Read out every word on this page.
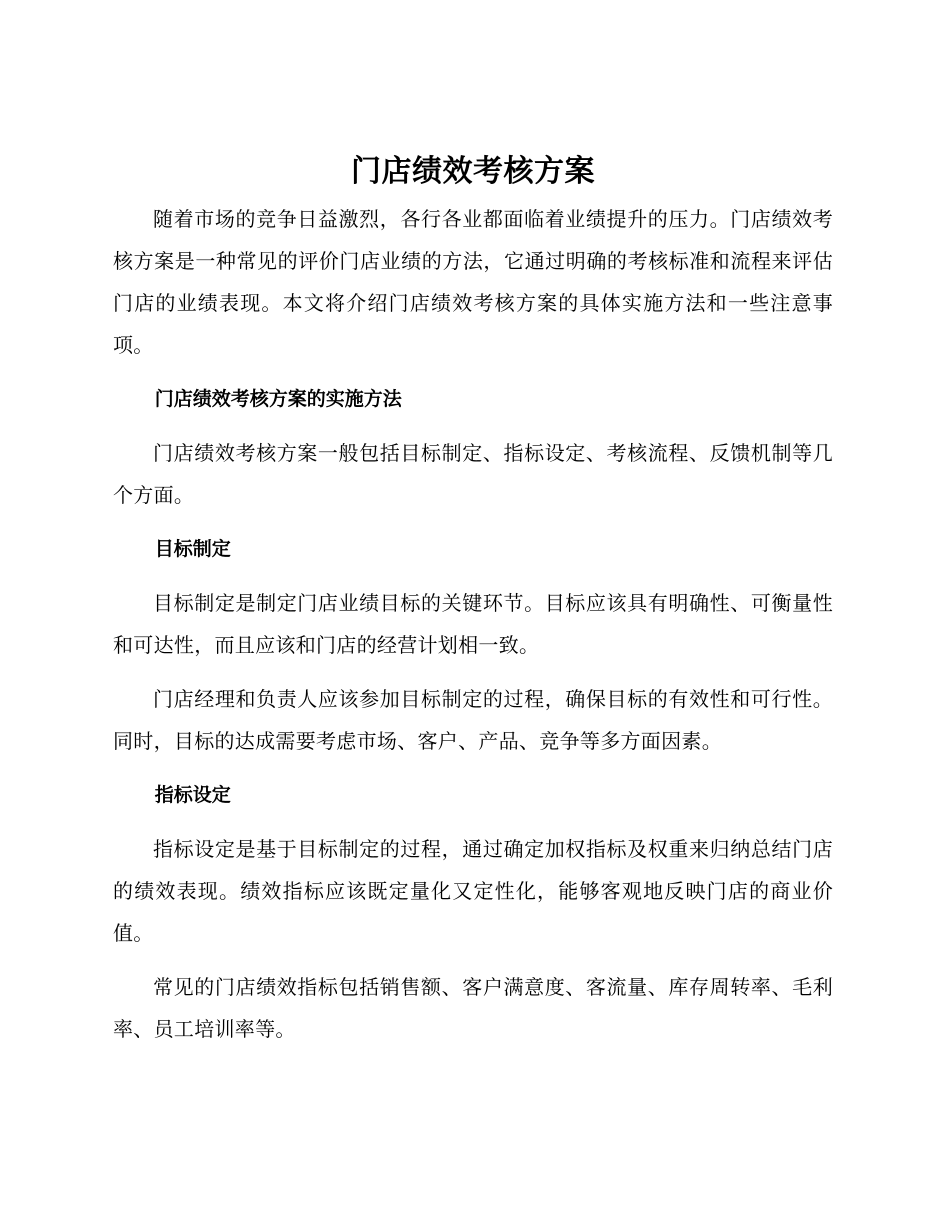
门店绩效考核方案

随着市场的竞争日益激烈，各行各业都面临着业绩提升的压力。门店绩效考核方案是一种常见的评价门店业绩的方法，它通过明确的考核标准和流程来评估门店的业绩表现。本文将介绍门店绩效考核方案的具体实施方法和一些注意事项。

门店绩效考核方案的实施方法

门店绩效考核方案一般包括目标制定、指标设定、考核流程、反馈机制等几个方面。

目标制定

目标制定是制定门店业绩目标的关键环节。目标应该具有明确性、可衡量性和可达性，而且应该和门店的经营计划相一致。

门店经理和负责人应该参加目标制定的过程，确保目标的有效性和可行性。同时，目标的达成需要考虑市场、客户、产品、竞争等多方面因素。

指标设定

指标设定是基于目标制定的过程，通过确定加权指标及权重来归纳总结门店的绩效表现。绩效指标应该既定量化又定性化，能够客观地反映门店的商业价值。

常见的门店绩效指标包括销售额、客户满意度、客流量、库存周转率、毛利率、员工培训率等。
